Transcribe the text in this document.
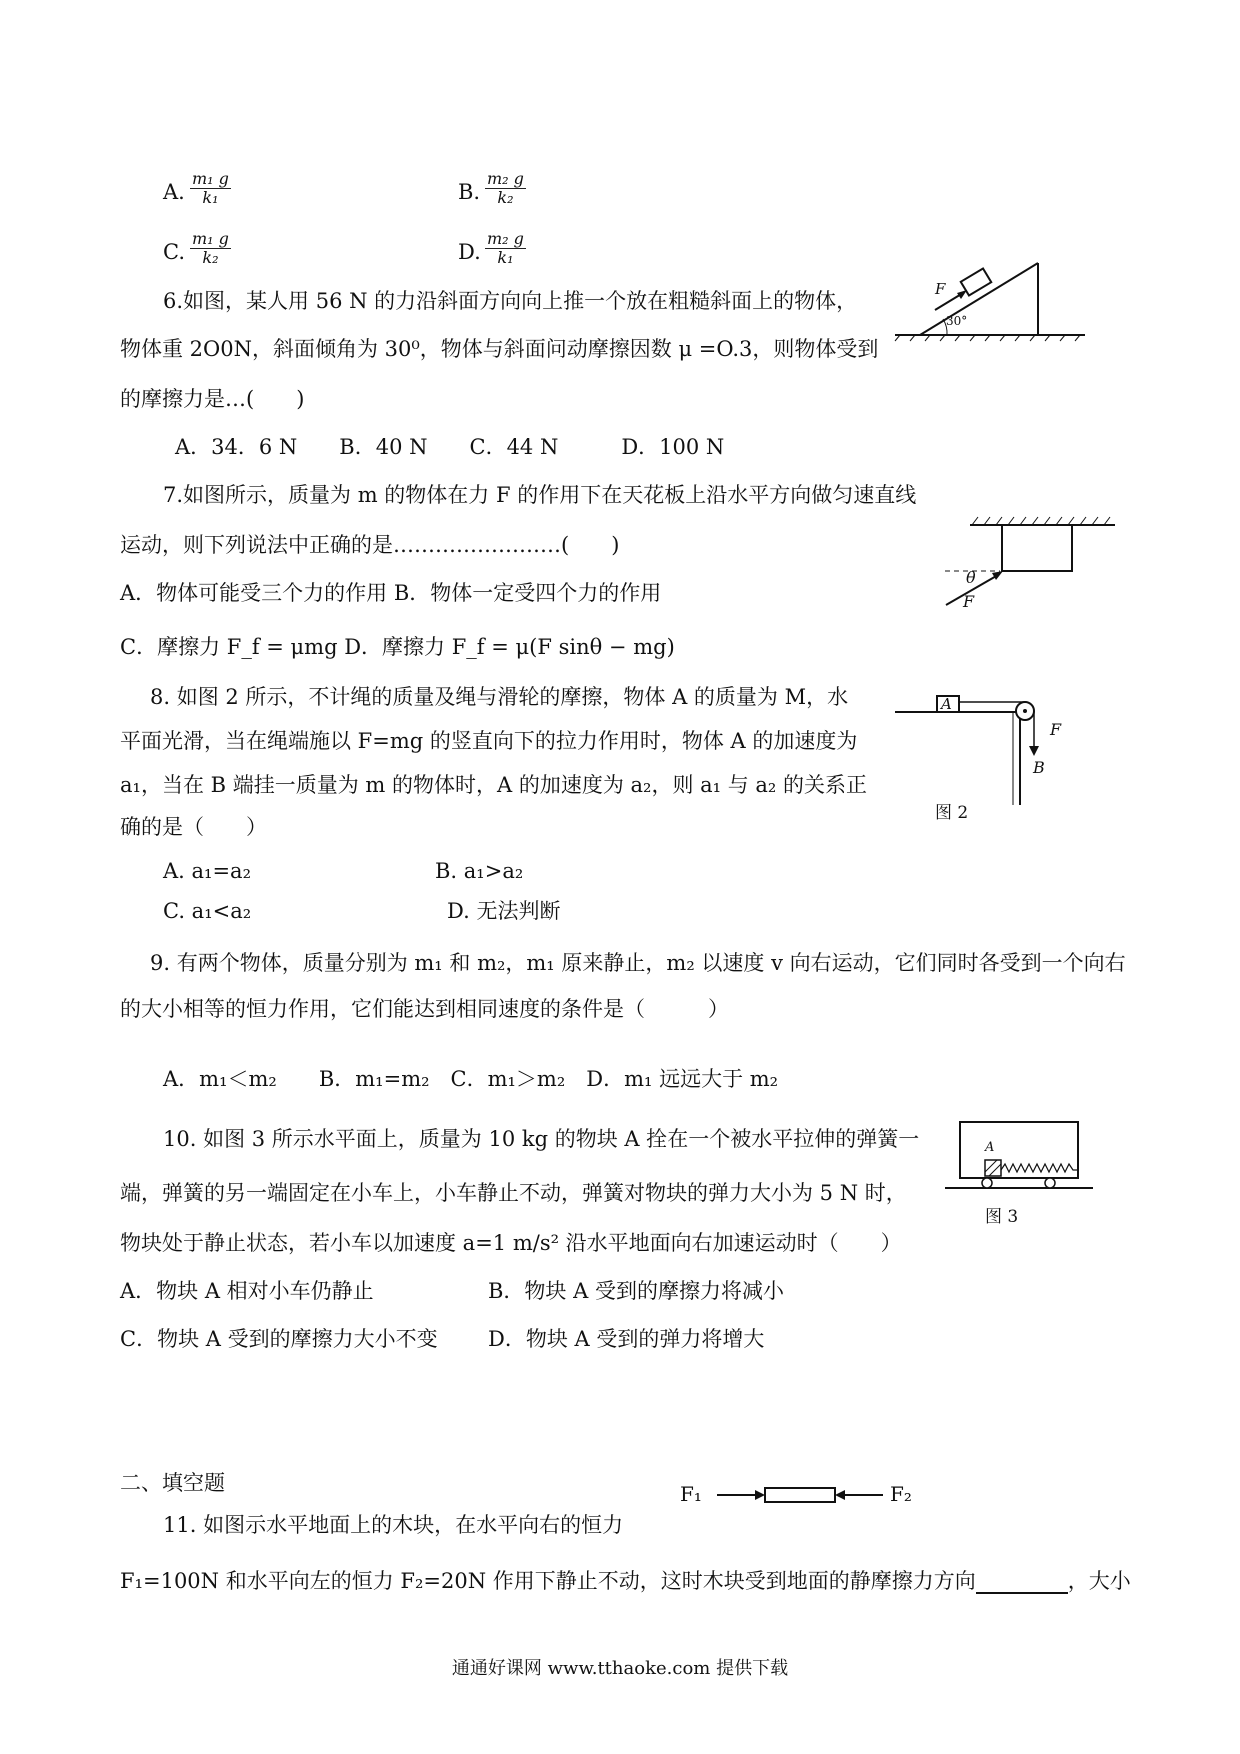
A. $\frac{\text{m₁ g}}{\text{k₁}}$	B. $\frac{\text{m₂ g}}{\text{k₂}}$
C. $\frac{\text{m₁ g}}{\text{k₂}}$	D. $\frac{\text{m₂ g}}{\text{k₁}}$
6.如图，某人用 56 N 的力沿斜面方向向上推一个放在粗糙斜面上的物体，
物体重 2O0N，斜面倾角为 30⁰，物体与斜面问动摩擦因数 μ =O.3，则物体受到
的摩擦力是…(　　)
A．34．6 N　　B．40 N　　C．44 N　　　D．100 N
F
30°
7.如图所示，质量为 m 的物体在力 F 的作用下在天花板上沿水平方向做匀速直线
运动，则下列说法中正确的是……………………(　　)
A．物体可能受三个力的作用 B．物体一定受四个力的作用
C．摩擦力 F_f = μmg D．摩擦力 F_f = μ(F sinθ − mg)
θ
F
8. 如图 2 所示，不计绳的质量及绳与滑轮的摩擦，物体 A 的质量为 M，水
平面光滑，当在绳端施以 F=mg 的竖直向下的拉力作用时，物体 A 的加速度为
a₁，当在 B 端挂一质量为 m 的物体时，A 的加速度为 a₂，则 a₁ 与 a₂ 的关系正
确的是（　　）
A. a₁=a₂	B. a₁>a₂
C. a₁<a₂	D. 无法判断
A
F
B
图 2
9. 有两个物体，质量分别为 m₁ 和 m₂，m₁ 原来静止，m₂ 以速度 v 向右运动，它们同时各受到一个向右
的大小相等的恒力作用，它们能达到相同速度的条件是（　　　）
A．m₁＜m₂　　B．m₁=m₂　C．m₁＞m₂　D．m₁ 远远大于 m₂
10. 如图 3 所示水平面上，质量为 10 kg 的物块 A 拴在一个被水平拉伸的弹簧一
端，弹簧的另一端固定在小车上，小车静止不动，弹簧对物块的弹力大小为 5 N 时，
物块处于静止状态，若小车以加速度 a=1 m/s² 沿水平地面向右加速运动时（　　）
A．物块 A 相对小车仍静止	B．物块 A 受到的摩擦力将减小
C．物块 A 受到的摩擦力大小不变 D．物块 A 受到的弹力将增大
A
图 3
二、填空题
11. 如图示水平地面上的木块，在水平向右的恒力
F₁=100N 和水平向左的恒力 F₂=20N 作用下静止不动，这时木块受到地面的静摩擦力方向	，大小
F₁	F₂
通通好课网 www.tthaoke.com 提供下载
